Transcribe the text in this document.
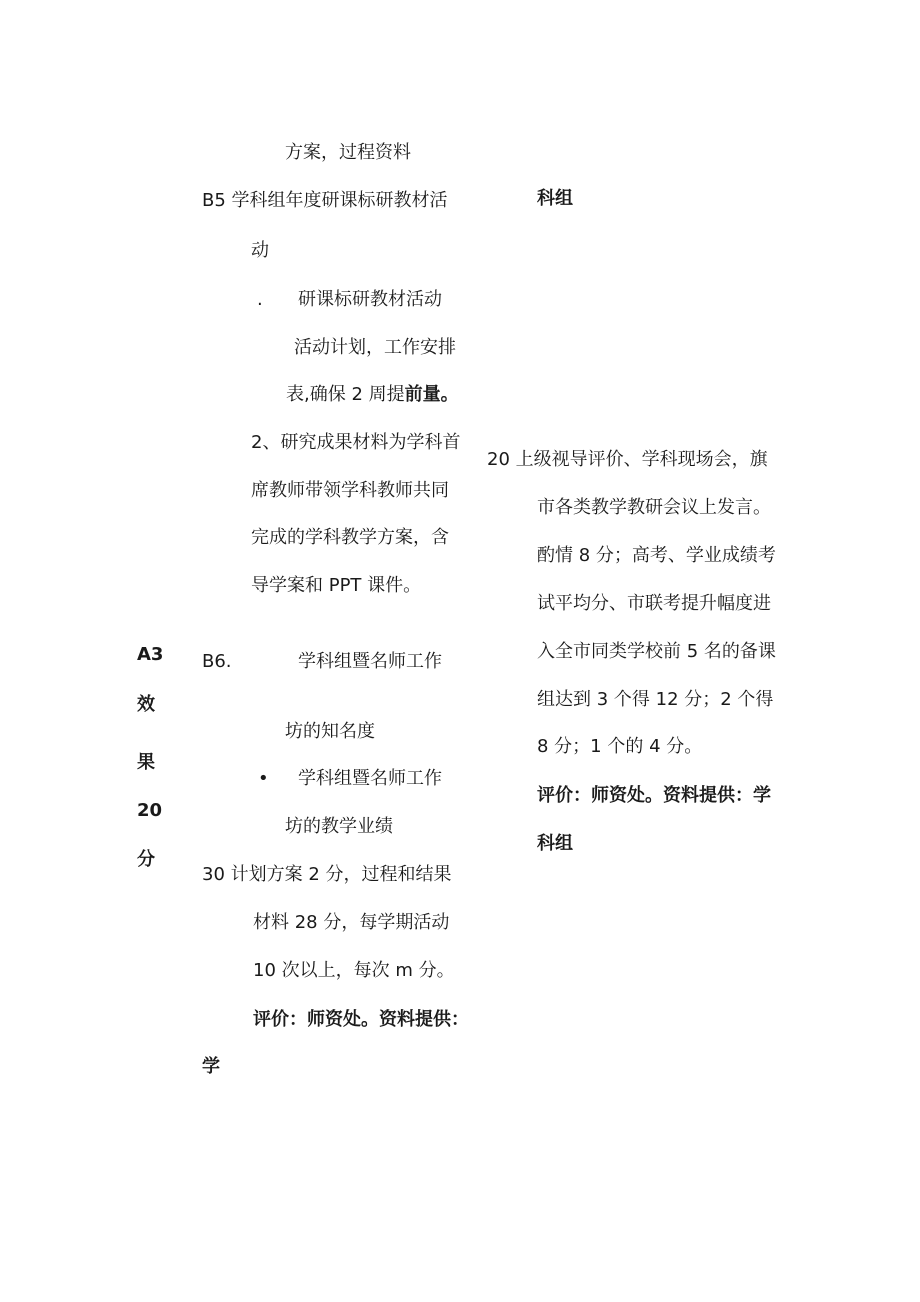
方案，过程资料
B5 学科组年度研课标研教材活
动
. 研课标研教材活动
活动计划，工作安排
表,确保 2 周提前量。
2、研究成果材料为学科首
席教师带领学科教师共同
完成的学科教学方案，含
导学案和 PPT 课件。
B6.	学科组暨名师工作
坊的知名度
• 学科组暨名师工作
坊的教学业绩
30 计划方案 2 分，过程和结果
材料 28 分，每学期活动
10 次以上，每次 m 分。
评价：师资处。资料提供：
学
科组
20 上级视导评价、学科现场会，旗
市各类教学教研会议上发言。
酌情 8 分；高考、学业成绩考
试平均分、市联考提升幅度进
入全市同类学校前 5 名的备课
组达到 3 个得 12 分；2 个得
8 分；1 个的 4 分。
评价：师资处。资料提供：学
科组
A3
效
果
20
分
